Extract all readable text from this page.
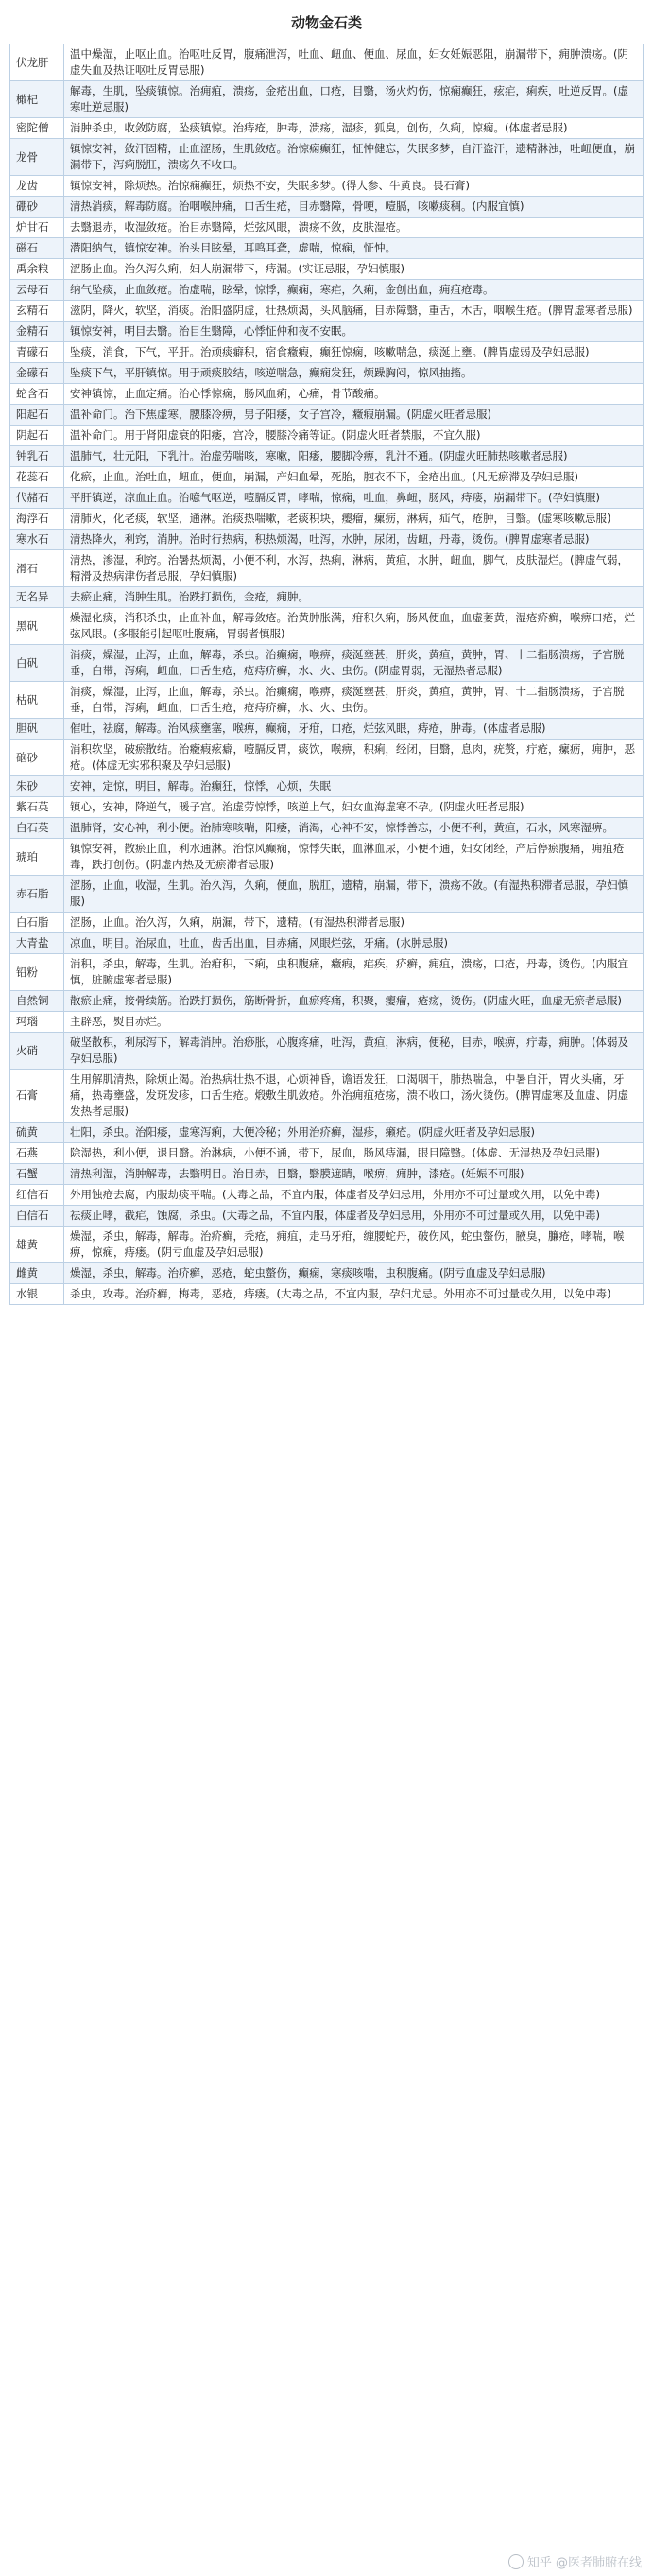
动物金石类
伏龙肝	温中燥湿，止呕止血。治呕吐反胃，腹痛泄泻，吐血、衄血、便血、尿血，妇女妊娠恶阻，崩漏带下，痈肿溃疡。(阴虚失血及热证呕吐反胃忌服)
橄杞	解毒，生肌，坠痰镇惊。治痈疽，溃疡，金疮出血，口疮，目翳，汤火灼伤，惊痫癫狂，痃疟，痢疾，吐逆反胃。(虚寒吐逆忌服)
密陀僧	消肿杀虫，收敛防腐，坠痰镇惊。治痔疮，肿毒，溃疡，湿疹，狐臭，创伤，久痢，惊痫。(体虚者忌服)
龙骨	镇惊安神，敛汗固精，止血涩肠，生肌敛疮。治惊痫癫狂，怔忡健忘，失眠多梦，自汗盗汗，遗精淋浊，吐衄便血，崩漏带下，泻痢脱肛，溃疡久不收口。
龙齿	镇惊安神，除烦热。治惊痫癫狂，烦热不安，失眠多梦。(得人参、牛黄良。畏石膏)
硼砂	清热消痰，解毒防腐。治咽喉肿痛，口舌生疮，目赤翳障，骨哽，噎膈，咳嗽痰稠。(内服宜慎)
炉甘石	去翳退赤，收湿敛疮。治目赤翳障，烂弦风眼，溃疡不敛，皮肤湿疮。
磁石	潜阳纳气，镇惊安神。治头目眩晕，耳鸣耳聋，虚喘，惊痫，怔忡。
禹余粮	涩肠止血。治久泻久痢，妇人崩漏带下，痔漏。(实证忌服，孕妇慎服)
云母石	纳气坠痰，止血敛疮。治虚喘，眩晕，惊悸，癫痫，寒疟，久痢，金创出血，痈疽疮毒。
玄精石	滋阴，降火，软坚，消痰。治阳盛阴虚，壮热烦渴，头风脑痛，目赤障翳，重舌，木舌，咽喉生疮。(脾胃虚寒者忌服)
金精石	镇惊安神，明目去翳。治目生翳障，心悸怔仲和夜不安眠。
青礞石	坠痰，消食，下气，平肝。治顽痰癖积，宿食癥瘕，癫狂惊痫，咳嗽喘急，痰涎上壅。(脾胃虚弱及孕妇忌服)
金礞石	坠痰下气，平肝镇惊。用于顽痰胶结，咳逆喘急，癫痫发狂，烦躁胸闷，惊风抽搐。
蛇含石	安神镇惊，止血定痛。治心悸惊痫，肠风血痢，心痛，骨节酸痛。
阳起石	温补命门。治下焦虚寒，腰膝冷痹，男子阳痿，女子宫冷，癥瘕崩漏。(阴虚火旺者忌服)
阴起石	温补命门。用于肾阳虚衰的阳痿，宫冷，腰膝冷痛等证。(阴虚火旺者禁服，不宜久服)
钟乳石	温肺气，壮元阳，下乳汁。治虚劳喘咳，寒嗽，阳痿，腰脚冷痹，乳汁不通。(阴虚火旺肺热咳嗽者忌服)
花蕊石	化瘀，止血。治吐血，衄血，便血，崩漏，产妇血晕，死胎，胞衣不下，金疮出血。(凡无瘀滞及孕妇忌服)
代赭石	平肝镇逆，凉血止血。治噫气呕逆，噎膈反胃，哮喘，惊痫，吐血，鼻衄，肠风，痔瘘，崩漏带下。(孕妇慎服)
海浮石	清肺火，化老痰，软坚，通淋。治痰热喘嗽，老痰积块，瘿瘤，瘰疬，淋病，疝气，疮肿，目翳。(虚寒咳嗽忌服)
寒水石	清热降火，利窍，消肿。治时行热病，积热烦渴，吐泻，水肿，尿闭，齿衄，丹毒，烫伤。(脾胃虚寒者忌服)
滑石	清热，渗湿，利窍。治暑热烦渴，小便不利，水泻，热痢，淋病，黄疸，水肿，衄血，脚气，皮肤湿烂。(脾虚气弱，精滑及热病津伤者忌服，孕妇慎服)
无名异	去瘀止痛，消肿生肌。治跌打损伤，金疮，痈肿。
黑矾	燥湿化痰，消积杀虫，止血补血，解毒敛疮。治黄肿胀满，疳积久痢，肠风便血，血虚萎黄，湿疮疥癣，喉痹口疮，烂弦风眼。(多服能引起呕吐腹痛，胃弱者慎服)
白矾	消痰，燥湿，止泻，止血，解毒，杀虫。治癫痫，喉痹，痰涎壅甚，肝炎，黄疸，黄肿，胃、十二指肠溃疡，子宫脱垂，白带，泻痢，衄血，口舌生疮，疮痔疥癣，水、火、虫伤。(阴虚胃弱，无湿热者忌服)
枯矾	消痰，燥湿，止泻，止血，解毒，杀虫。治癫痫，喉痹，痰涎壅甚，肝炎，黄疸，黄肿，胃、十二指肠溃疡，子宫脱垂，白带，泻痢，衄血，口舌生疮，疮痔疥癣，水、火、虫伤。
胆矾	催吐，祛腐，解毒。治风痰壅塞，喉痹，癫痫，牙疳，口疮，烂弦风眼，痔疮，肿毒。(体虚者忌服)
硇砂	消积软坚，破瘀散结。治癥瘕痃癖，噎膈反胃，痰饮，喉痹，积痢，经闭，目翳，息肉，疣赘，疔疮，瘰疬，痈肿，恶疮。(体虚无实邪积聚及孕妇忌服)
朱砂	安神，定惊，明目，解毒。治癫狂，惊悸，心烦，失眠
紫石英	镇心，安神，降逆气，暖子宫。治虚劳惊悸，咳逆上气，妇女血海虚寒不孕。(阴虚火旺者忌服)
白石英	温肺肾，安心神，利小便。治肺寒咳喘，阳痿，消渴，心神不安，惊悸善忘，小便不利，黄疸，石水，风寒湿痹。
琥珀	镇惊安神，散瘀止血，利水通淋。治惊风癫痫，惊悸失眠，血淋血尿，小便不通，妇女闭经，产后停瘀腹痛，痈疽疮毒，跌打创伤。(阴虚内热及无瘀滞者忌服)
赤石脂	涩肠，止血，收湿，生肌。治久泻，久痢，便血，脱肛，遗精，崩漏，带下，溃疡不敛。(有湿热积滞者忌服，孕妇慎服)
白石脂	涩肠，止血。治久泻，久痢，崩漏，带下，遗精。(有湿热积滞者忌服)
大青盐	凉血，明目。治尿血，吐血，齿舌出血，目赤痛，风眼烂弦，牙痛。(水肿忌服)
铅粉	消积，杀虫，解毒，生肌。治疳积，下痢，虫积腹痛，癥瘕，疟疾，疥癣，痈疽，溃疡，口疮，丹毒，烫伤。(内服宜慎，脏腑虚寒者忌服)
自然铜	散瘀止痛，接骨续筋。治跌打损伤，筋断骨折，血瘀疼痛，积聚，瘿瘤，疮疡，烫伤。(阴虚火旺，血虚无瘀者忌服)
玛瑙	主辟恶，熨目赤烂。
火硝	破坚散积，利尿泻下，解毒消肿。治痧胀，心腹疼痛，吐泻，黄疸，淋病，便秘，目赤，喉痹，疔毒，痈肿。(体弱及孕妇忌服)
石膏	生用解肌清热，除烦止渴。治热病壮热不退，心烦神昏，谵语发狂，口渴咽干，肺热喘急，中暑自汗，胃火头痛，牙痛，热毒壅盛，发斑发疹，口舌生疮。煅敷生肌敛疮。外治痈疽疮疡，溃不收口，汤火烫伤。(脾胃虚寒及血虚、阴虚发热者忌服)
硫黄	壮阳，杀虫。治阳痿，虚寒泻痢，大便冷秘；外用治疥癣，湿疹，癞疮。(阴虚火旺者及孕妇忌服)
石燕	除湿热，利小便，退目翳。治淋病，小便不通，带下，尿血，肠风痔漏，眼目障翳。(体虚、无湿热及孕妇忌服)
石蟹	清热利湿，消肿解毒，去翳明目。治目赤，目翳，翳膜遮睛，喉痹，痈肿，漆疮。(妊娠不可服)
红信石	外用蚀疮去腐，内服劫痰平喘。(大毒之品，不宜内服，体虚者及孕妇忌用，外用亦不可过量或久用，以免中毒)
白信石	祛痰止哮，截疟，蚀腐，杀虫。(大毒之品，不宜内服，体虚者及孕妇忌用，外用亦不可过量或久用，以免中毒)
雄黄	燥湿，杀虫，解毒，解毒。治疥癣，秃疮，痈疽，走马牙疳，缠腰蛇丹，破伤风，蛇虫螫伤，腋臭，臁疮，哮喘，喉痹，惊痫，痔瘘。(阴亏血虚及孕妇忌服)
雌黄	燥湿，杀虫，解毒。治疥癣，恶疮，蛇虫螫伤，癫痫，寒痰咳喘，虫积腹痛。(阴亏血虚及孕妇忌服)
水银	杀虫，攻毒。治疥癣，梅毒，恶疮，痔瘘。(大毒之品，不宜内服，孕妇尤忌。外用亦不可过量或久用，以免中毒)
知乎 @医者肺腑在线
